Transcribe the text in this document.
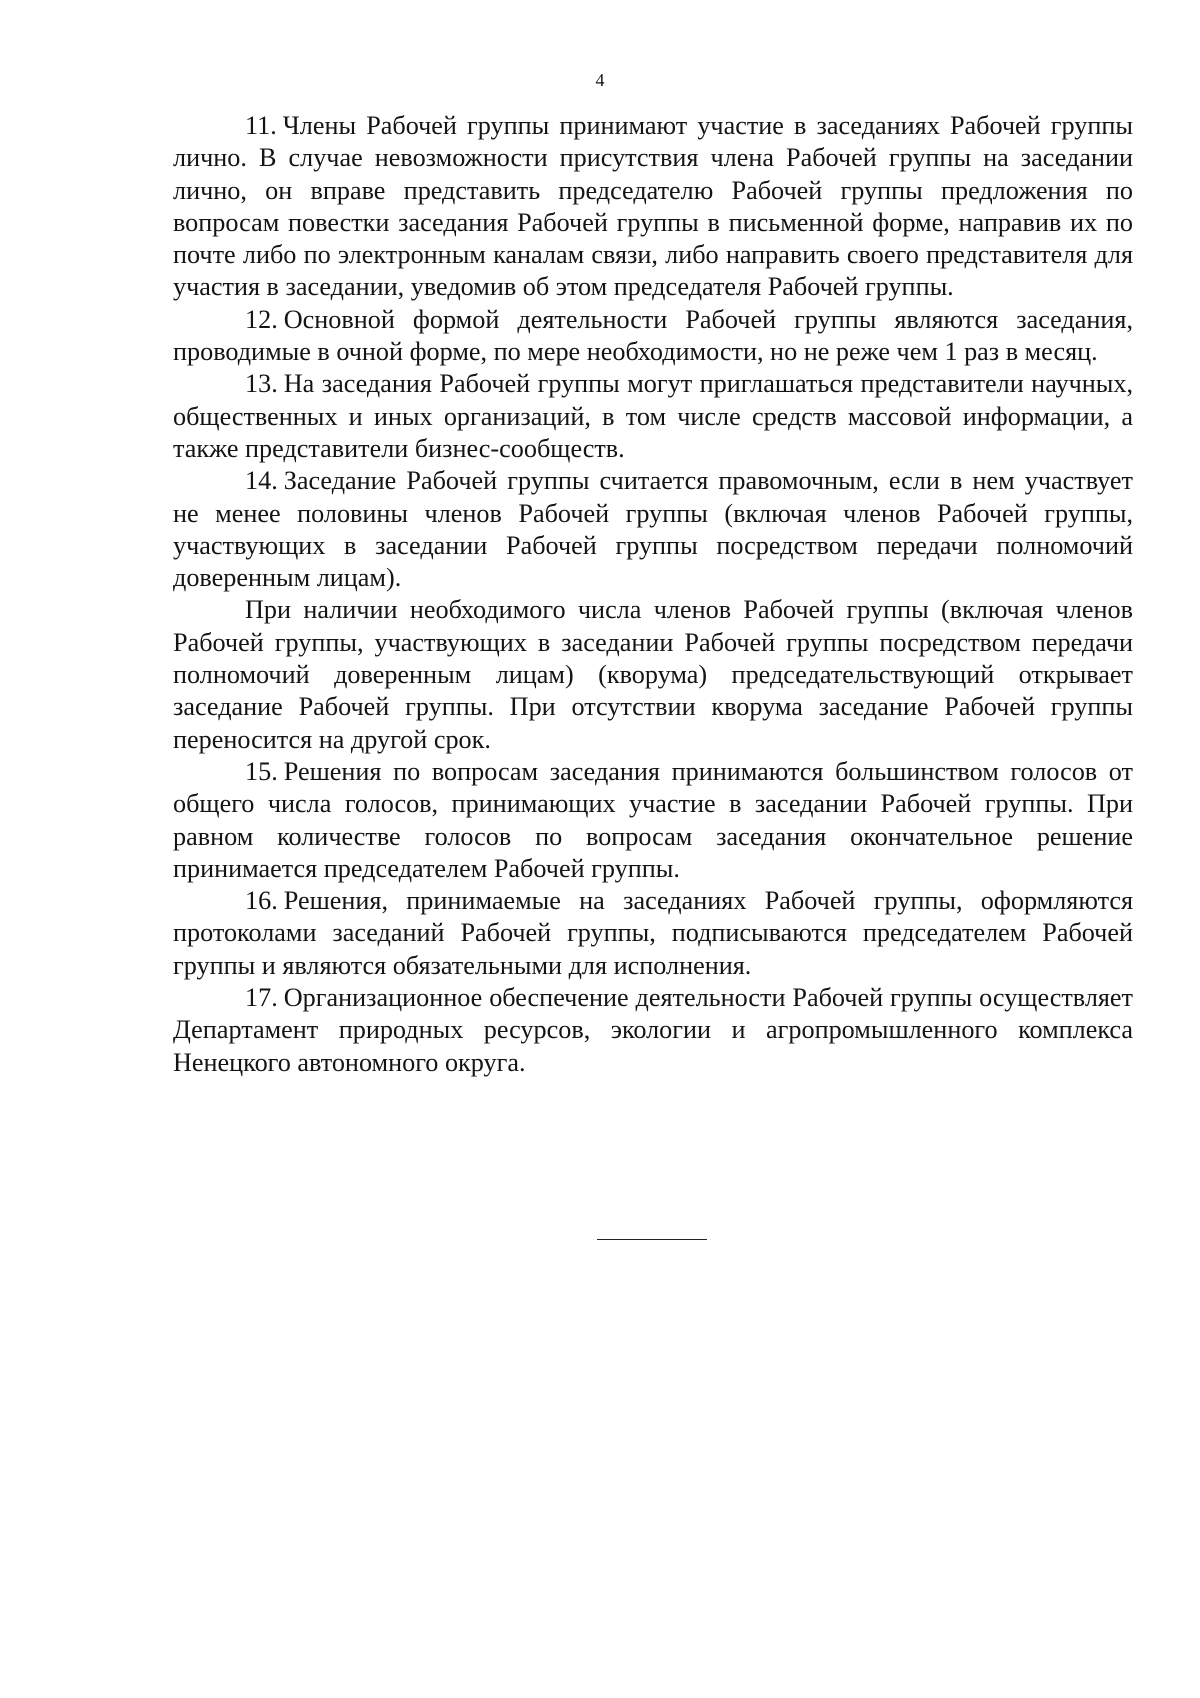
4

11. Члены Рабочей группы принимают участие в заседаниях Рабочей группы лично. В случае невозможности присутствия члена Рабочей группы на заседании лично, он вправе представить председателю Рабочей группы предложения по вопросам повестки заседания Рабочей группы в письменной форме, направив их по почте либо по электронным каналам связи, либо направить своего представителя для участия в заседании, уведомив об этом председателя Рабочей группы.

12. Основной формой деятельности Рабочей группы являются заседания, проводимые в очной форме, по мере необходимости, но не реже чем 1 раз в месяц.

13. На заседания Рабочей группы могут приглашаться представители научных, общественных и иных организаций, в том числе средств массовой информации, а также представители бизнес-сообществ.

14. Заседание Рабочей группы считается правомочным, если в нем участвует не менее половины членов Рабочей группы (включая членов Рабочей группы, участвующих в заседании Рабочей группы посредством передачи полномочий доверенным лицам).

При наличии необходимого числа членов Рабочей группы (включая членов Рабочей группы, участвующих в заседании Рабочей группы посредством передачи полномочий доверенным лицам) (кворума) председательствующий открывает заседание Рабочей группы. При отсутствии кворума заседание Рабочей группы переносится на другой срок.

15. Решения по вопросам заседания принимаются большинством голосов от общего числа голосов, принимающих участие в заседании Рабочей группы. При равном количестве голосов по вопросам заседания окончательное решение принимается председателем Рабочей группы.

16. Решения, принимаемые на заседаниях Рабочей группы, оформляются протоколами заседаний Рабочей группы, подписываются председателем Рабочей группы и являются обязательными для исполнения.

17. Организационное обеспечение деятельности Рабочей группы осуществляет Департамент природных ресурсов, экологии и агропромышленного комплекса Ненецкого автономного округа.
